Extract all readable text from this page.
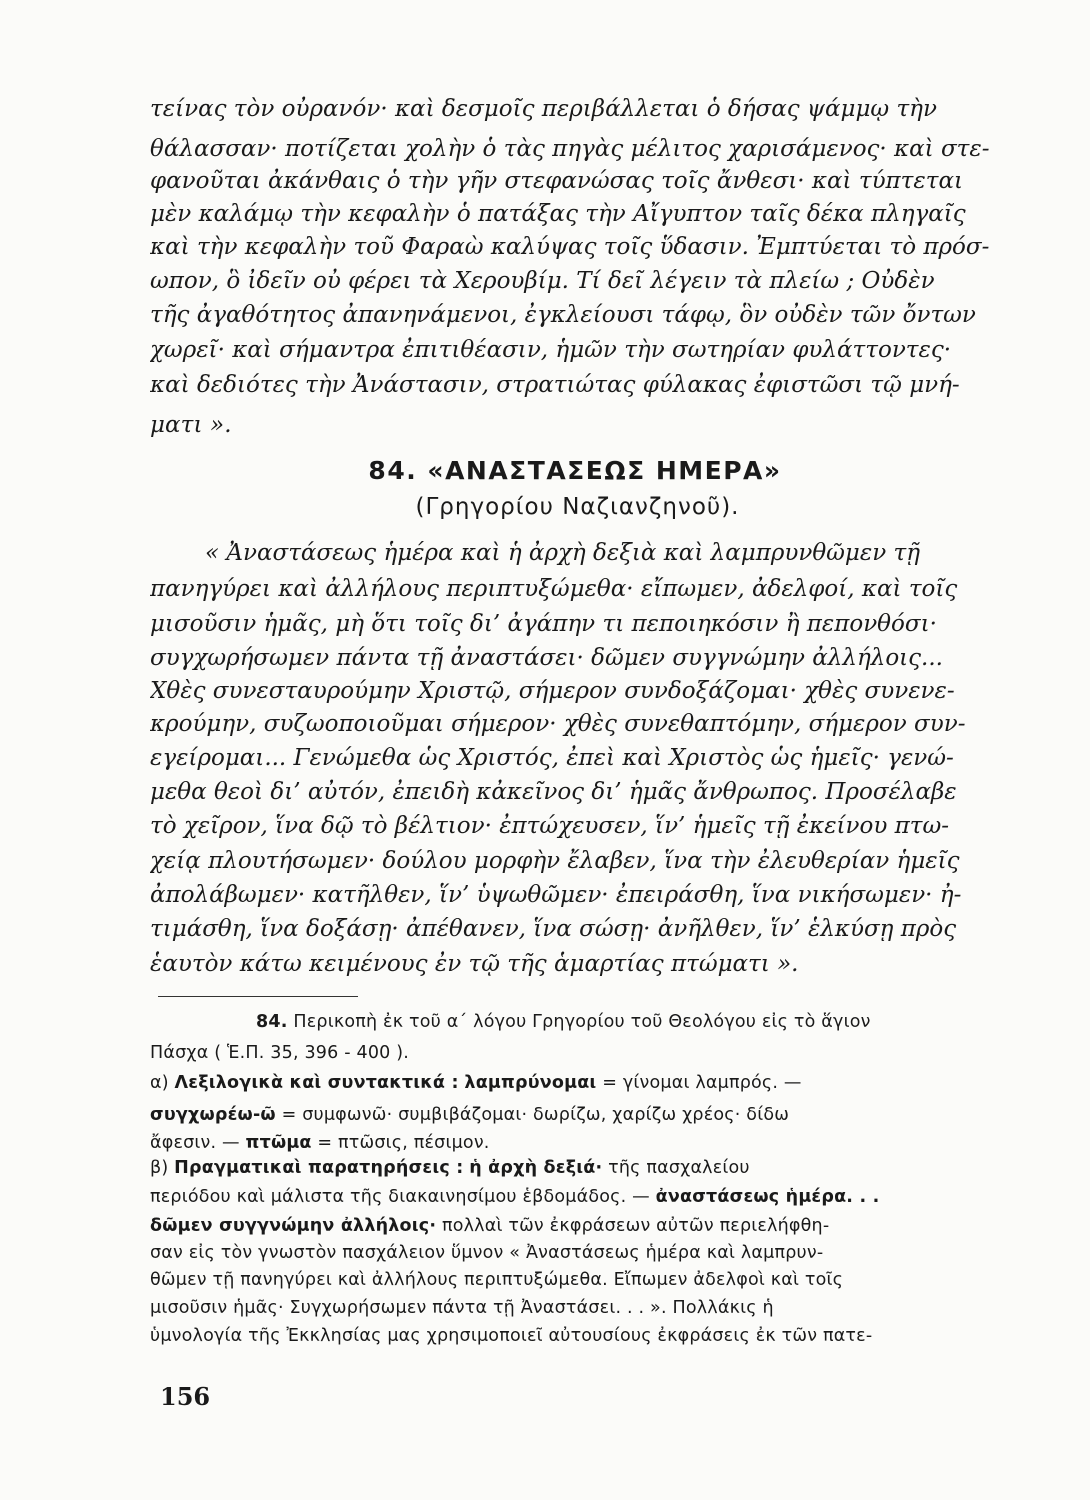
τείνας τὸν οὐρανόν· καὶ δεσμοῖς περιβάλλεται ὁ δήσας ψάμμῳ τὴν
θάλασσαν· ποτίζεται χολὴν ὁ τὰς πηγὰς μέλιτος χαρισάμενος· καὶ στε-
φανοῦται ἀκάνθαις ὁ τὴν γῆν στεφανώσας τοῖς ἄνθεσι· καὶ τύπτεται
μὲν καλάμῳ τὴν κεφαλὴν ὁ πατάξας τὴν Αἴγυπτον ταῖς δέκα πληγαῖς
καὶ τὴν κεφαλὴν τοῦ Φαραὼ καλύψας τοῖς ὕδασιν. Ἐμπτύεται τὸ πρόσ-
ωπον, ὃ ἰδεῖν οὐ φέρει τὰ Χερουβίμ. Τί δεῖ λέγειν τὰ πλείω ; Οὐδὲν
τῆς ἀγαθότητος ἀπανηνάμενοι, ἐγκλείουσι τάφῳ, ὃν οὐδὲν τῶν ὄντων
χωρεῖ· καὶ σήμαντρα ἐπιτιθέασιν, ἡμῶν τὴν σωτηρίαν φυλάττοντες·
καὶ δεδιότες τὴν Ἀνάστασιν, στρατιώτας φύλακας ἐφιστῶσι τῷ μνή-
ματι ».
84. «ΑΝΑΣΤΑΣΕΩΣ ΗΜΕΡΑ»
(Γρηγορίου Ναζιανζηνοῦ).
« Ἀναστάσεως ἡμέρα καὶ ἡ ἀρχὴ δεξιὰ καὶ λαμπρυνθῶμεν τῇ
πανηγύρει καὶ ἀλλήλους περιπτυξώμεθα· εἴπωμεν, ἀδελφοί, καὶ τοῖς
μισοῦσιν ἡμᾶς, μὴ ὅτι τοῖς δι’ ἀγάπην τι πεποιηκόσιν ἢ πεπονθόσι·
συγχωρήσωμεν πάντα τῇ ἀναστάσει· δῶμεν συγγνώμην ἀλλήλοις...
Χθὲς συνεσταυρούμην Χριστῷ, σήμερον συνδοξάζομαι· χθὲς συνενε-
κρούμην, συζωοποιοῦμαι σήμερον· χθὲς συνεθαπτόμην, σήμερον συν-
εγείρομαι... Γενώμεθα ὡς Χριστός, ἐπεὶ καὶ Χριστὸς ὡς ἡμεῖς· γενώ-
μεθα θεοὶ δι’ αὐτόν, ἐπειδὴ κἀκεῖνος δι’ ἡμᾶς ἄνθρωπος. Προσέλαβε
τὸ χεῖρον, ἵνα δῷ τὸ βέλτιον· ἐπτώχευσεν, ἵν’ ἡμεῖς τῇ ἐκείνου πτω-
χείᾳ πλουτήσωμεν· δούλου μορφὴν ἔλαβεν, ἵνα τὴν ἐλευθερίαν ἡμεῖς
ἀπολάβωμεν· κατῆλθεν, ἵν’ ὑψωθῶμεν· ἐπειράσθη, ἵνα νικήσωμεν· ἠ-
τιμάσθη, ἵνα δοξάσῃ· ἀπέθανεν, ἵνα σώσῃ· ἀνῆλθεν, ἵν’ ἑλκύσῃ πρὸς
ἑαυτὸν κάτω κειμένους ἐν τῷ τῆς ἁμαρτίας πτώματι ».
84. Περικοπὴ ἐκ τοῦ α΄ λόγου Γρηγορίου τοῦ Θεολόγου εἰς τὸ ἅγιον
Πάσχα ( Ἑ.Π. 35, 396 - 400 ).
α) Λεξιλογικὰ καὶ συντακτικά : λαμπρύνομαι = γίνομαι λαμπρός. —
συγχωρέω-ῶ = συμφωνῶ· συμβιβάζομαι· δωρίζω, χαρίζω χρέος· δίδω
ἄφεσιν. — πτῶμα = πτῶσις, πέσιμον.
β) Πραγματικαὶ παρατηρήσεις : ἡ ἀρχὴ δεξιά· τῆς πασχαλείου
περιόδου καὶ μάλιστα τῆς διακαινησίμου ἑβδομάδος. — ἀναστάσεως ἡμέρα. . .
δῶμεν συγγνώμην ἀλλήλοις· πολλαὶ τῶν ἐκφράσεων αὐτῶν περιελήφθη-
σαν εἰς τὸν γνωστὸν πασχάλειον ὕμνον « Ἀναστάσεως ἡμέρα καὶ λαμπρυν-
θῶμεν τῇ πανηγύρει καὶ ἀλλήλους περιπτυξώμεθα. Εἴπωμεν ἀδελφοὶ καὶ τοῖς
μισοῦσιν ἡμᾶς· Συγχωρήσωμεν πάντα τῇ Ἀναστάσει. . . ». Πολλάκις ἡ
ὑμνολογία τῆς Ἐκκλησίας μας χρησιμοποιεῖ αὐτουσίους ἐκφράσεις ἐκ τῶν πατε-
156
